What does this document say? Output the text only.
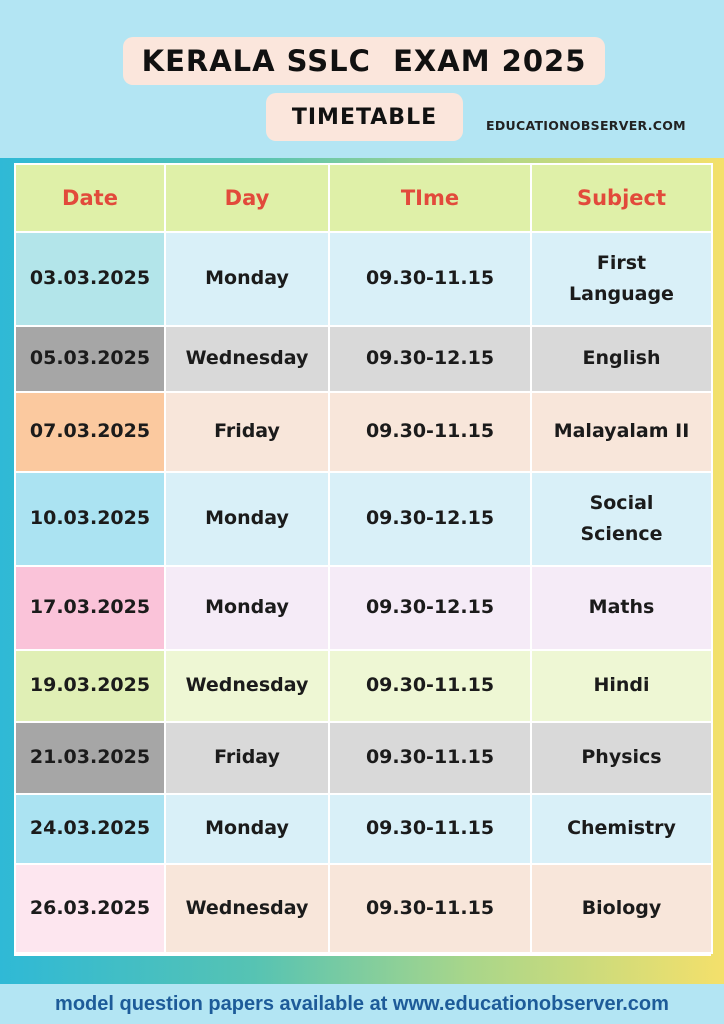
KERALA SSLC  EXAM 2025
TIMETABLE	EDUCATIONOBSERVER.COM
Date	Day	TIme	Subject
03.03.2025	Monday	09.30-11.15	First Language
05.03.2025	Wednesday	09.30-12.15	English
07.03.2025	Friday	09.30-11.15	Malayalam II
10.03.2025	Monday	09.30-12.15	Social Science
17.03.2025	Monday	09.30-12.15	Maths
19.03.2025	Wednesday	09.30-11.15	Hindi
21.03.2025	Friday	09.30-11.15	Physics
24.03.2025	Monday	09.30-11.15	Chemistry
26.03.2025	Wednesday	09.30-11.15	Biology
model question papers available at www.educationobserver.com
